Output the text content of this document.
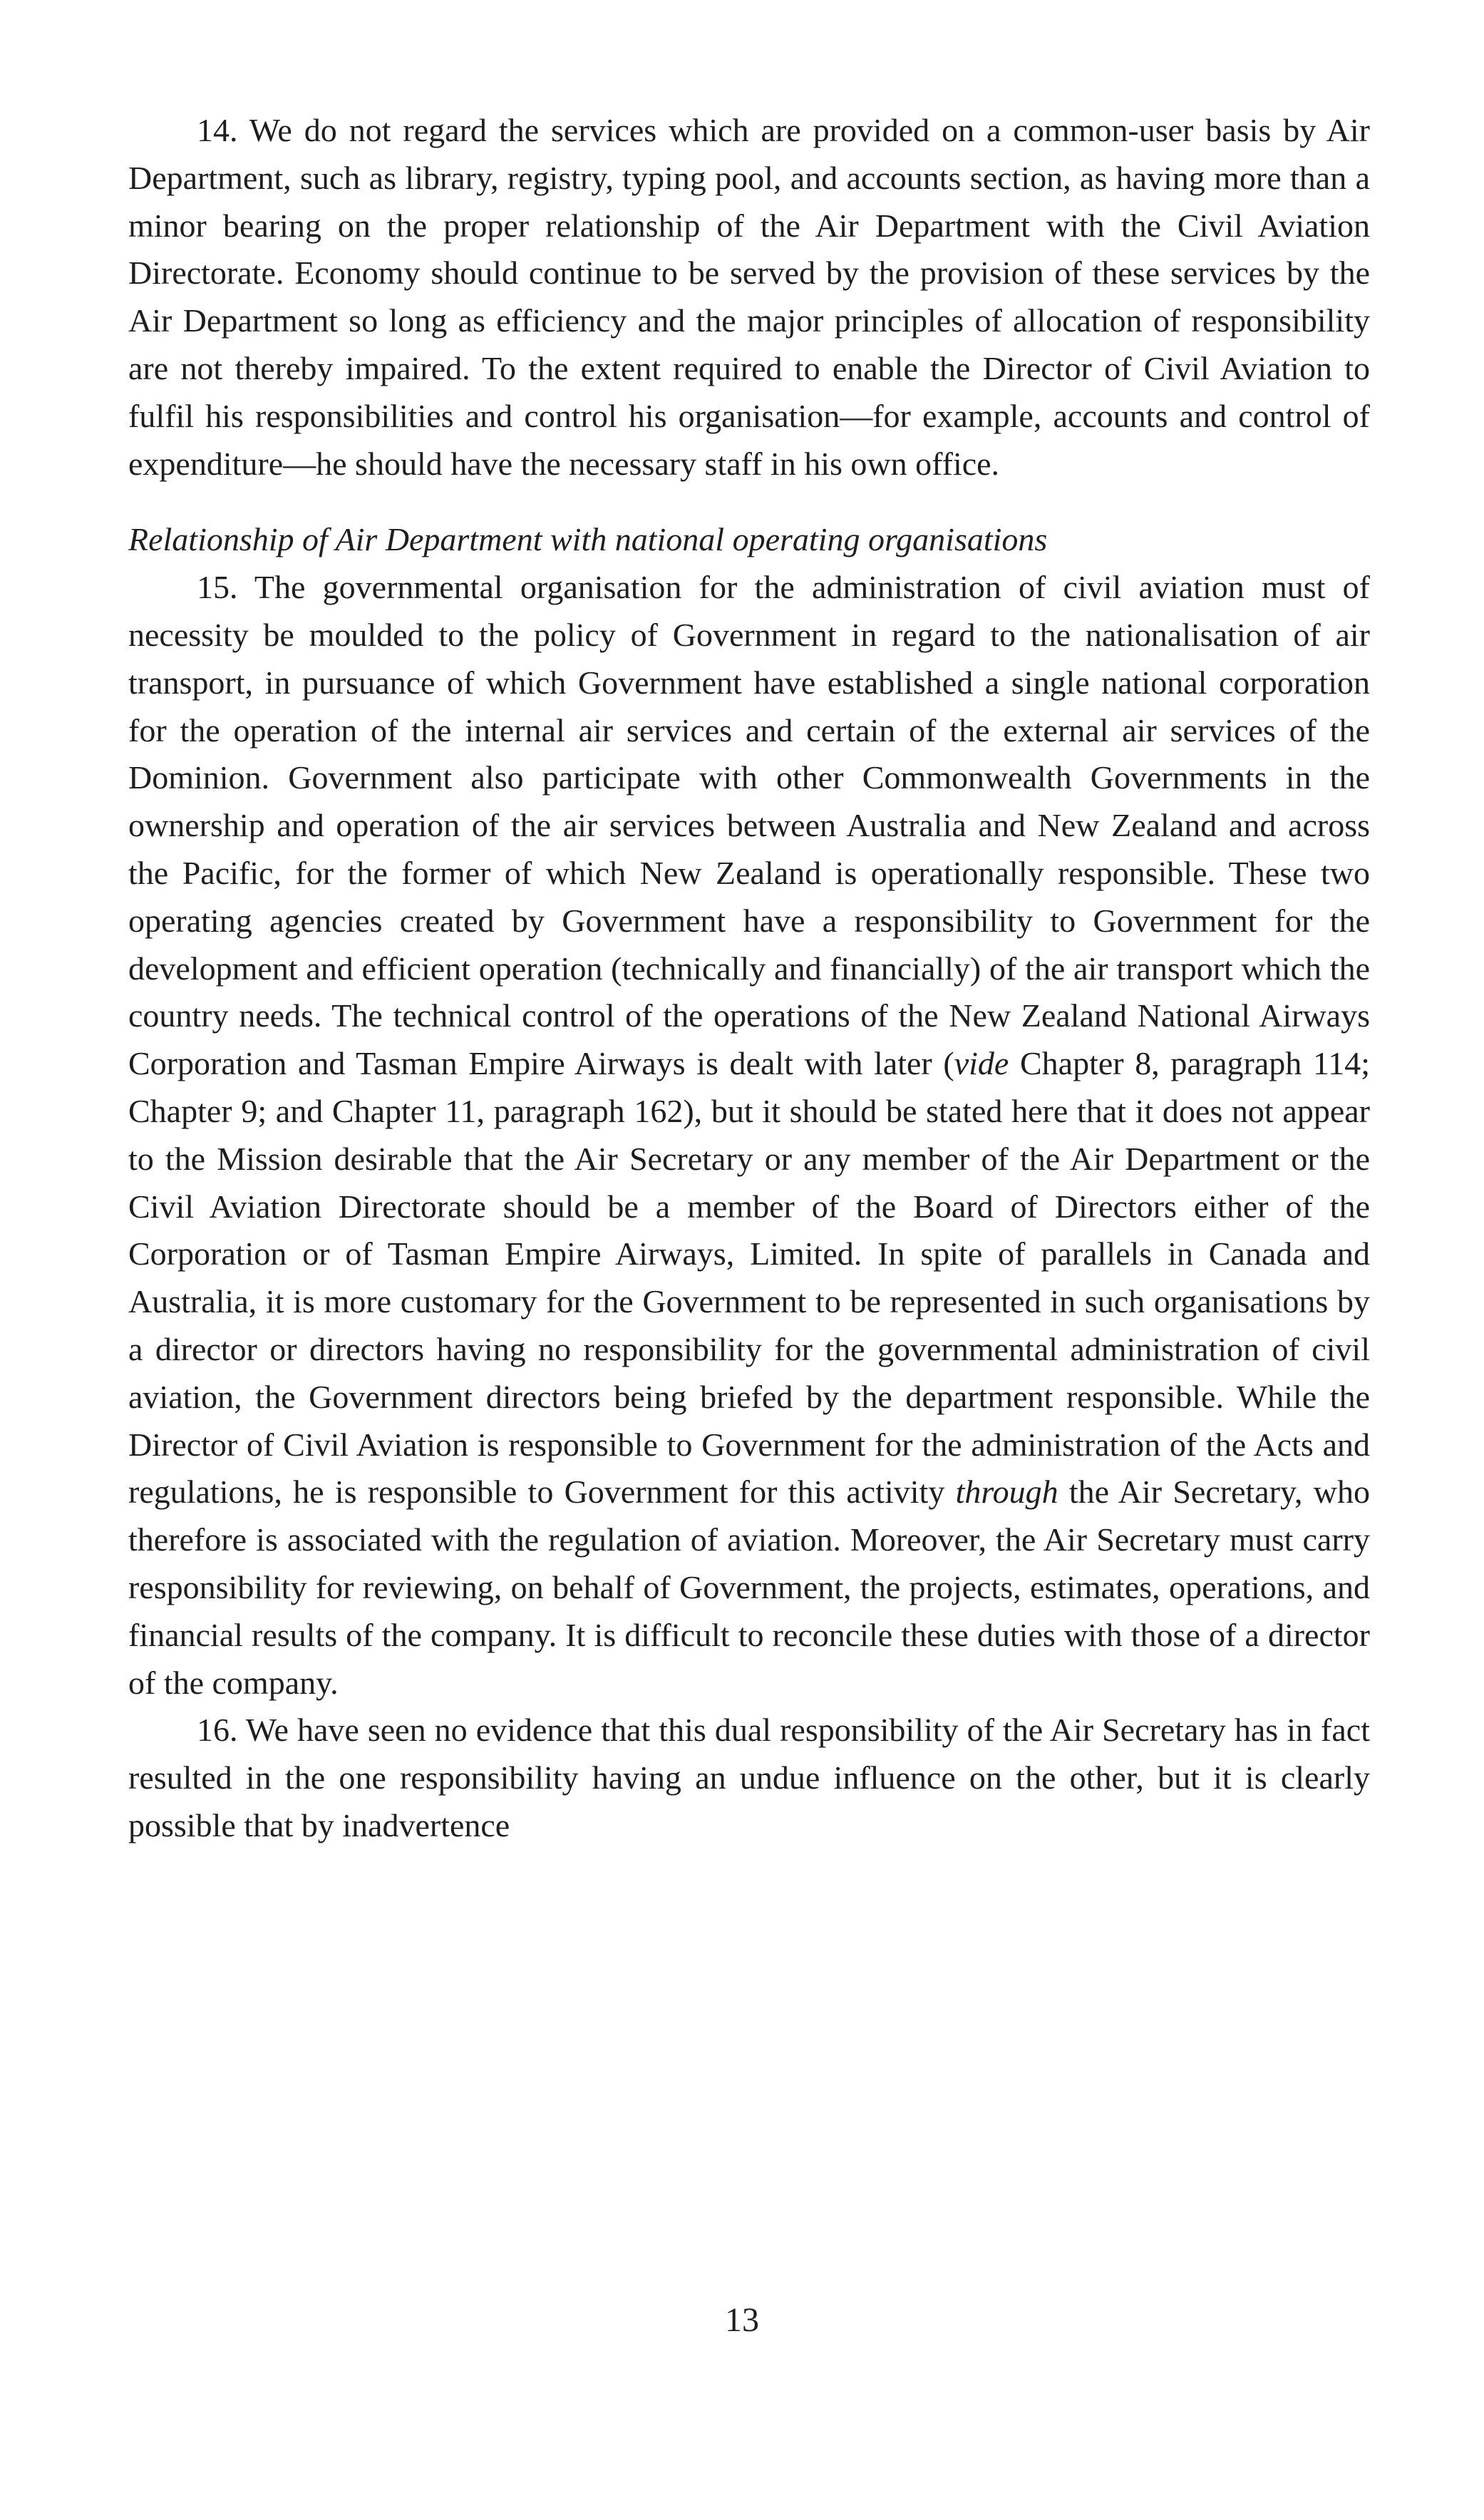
14. We do not regard the services which are provided on a common-user basis by Air Department, such as library, registry, typing pool, and accounts section, as having more than a minor bearing on the proper relationship of the Air Department with the Civil Aviation Directorate. Economy should continue to be served by the provision of these services by the Air Department so long as efficiency and the major principles of allocation of responsibility are not thereby impaired. To the extent required to enable the Director of Civil Aviation to fulfil his responsibilities and control his organisation—for example, accounts and control of expenditure—he should have the necessary staff in his own office.

Relationship of Air Department with national operating organisations

15. The governmental organisation for the administration of civil aviation must of necessity be moulded to the policy of Government in regard to the nationalisation of air transport, in pursuance of which Government have established a single national corporation for the operation of the internal air services and certain of the external air services of the Dominion. Government also participate with other Commonwealth Governments in the ownership and operation of the air services between Australia and New Zealand and across the Pacific, for the former of which New Zealand is operationally responsible. These two operating agencies created by Government have a responsibility to Government for the development and efficient operation (technically and financially) of the air transport which the country needs. The technical control of the operations of the New Zealand National Airways Corporation and Tasman Empire Airways is dealt with later (vide Chapter 8, paragraph 114; Chapter 9; and Chapter 11, paragraph 162), but it should be stated here that it does not appear to the Mission desirable that the Air Secretary or any member of the Air Department or the Civil Aviation Directorate should be a member of the Board of Directors either of the Corporation or of Tasman Empire Airways, Limited. In spite of parallels in Canada and Australia, it is more customary for the Government to be represented in such organisations by a director or directors having no responsibility for the governmental administration of civil aviation, the Government directors being briefed by the department responsible. While the Director of Civil Aviation is responsible to Government for the administration of the Acts and regulations, he is responsible to Government for this activity through the Air Secretary, who therefore is associated with the regulation of aviation. Moreover, the Air Secretary must carry responsibility for reviewing, on behalf of Government, the projects, estimates, operations, and financial results of the company. It is difficult to reconcile these duties with those of a director of the company.

16. We have seen no evidence that this dual responsibility of the Air Secretary has in fact resulted in the one responsibility having an undue influence on the other, but it is clearly possible that by inadvertence

13
